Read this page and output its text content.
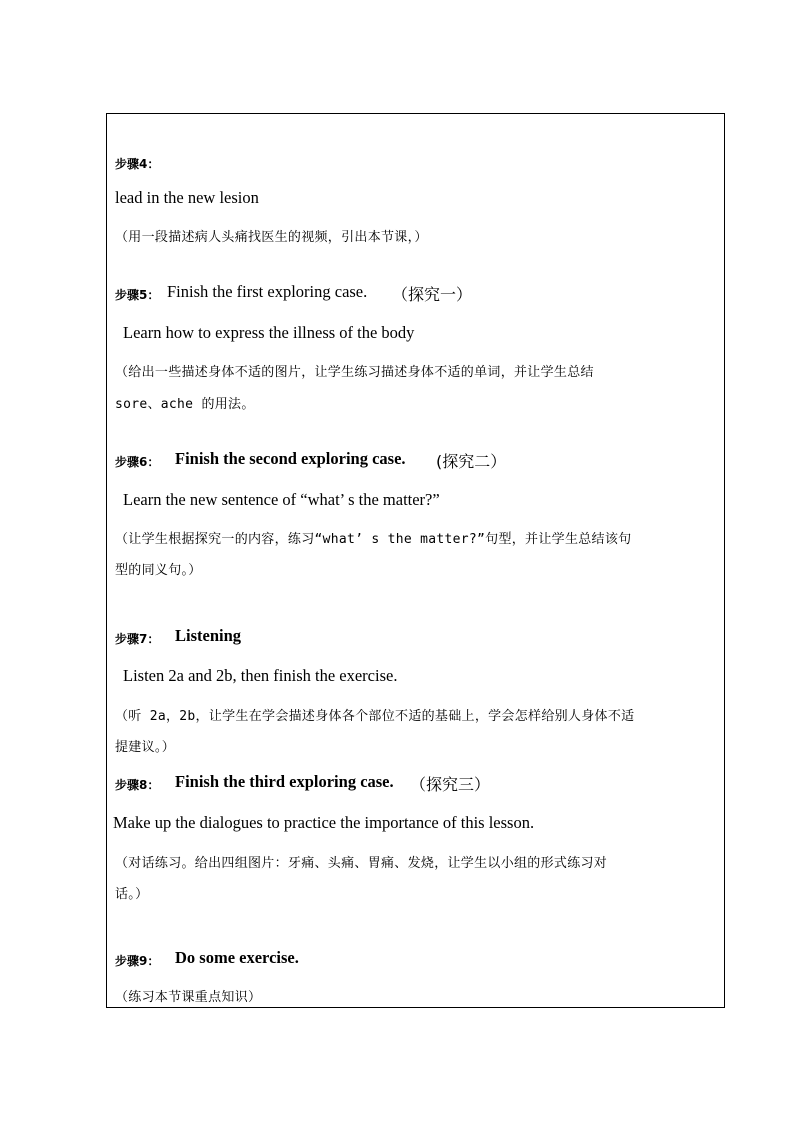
步骤4：
lead in the new lesion
（用一段描述病人头痛找医生的视频，引出本节课，）
步骤5： Finish the first exploring case. （探究一）
Learn how to express the illness of the body
（给出一些描述身体不适的图片，让学生练习描述身体不适的单词，并让学生总结
sore、ache 的用法。
步骤6： Finish the second exploring case. (探究二）
Learn the new sentence of “what’ s the matter?”
（让学生根据探究一的内容，练习“what’ s the matter?”句型，并让学生总结该句
型的同义句。）
步骤7： Listening
Listen 2a and 2b, then finish the exercise.
（听 2a，2b，让学生在学会描述身体各个部位不适的基础上，学会怎样给别人身体不适
提建议。）
步骤8： Finish the third exploring case. （探究三）
Make up the dialogues to practice the importance of this lesson.
（对话练习。给出四组图片：牙痛、头痛、胃痛、发烧，让学生以小组的形式练习对
话。）
步骤9： Do some exercise.
（练习本节课重点知识）
